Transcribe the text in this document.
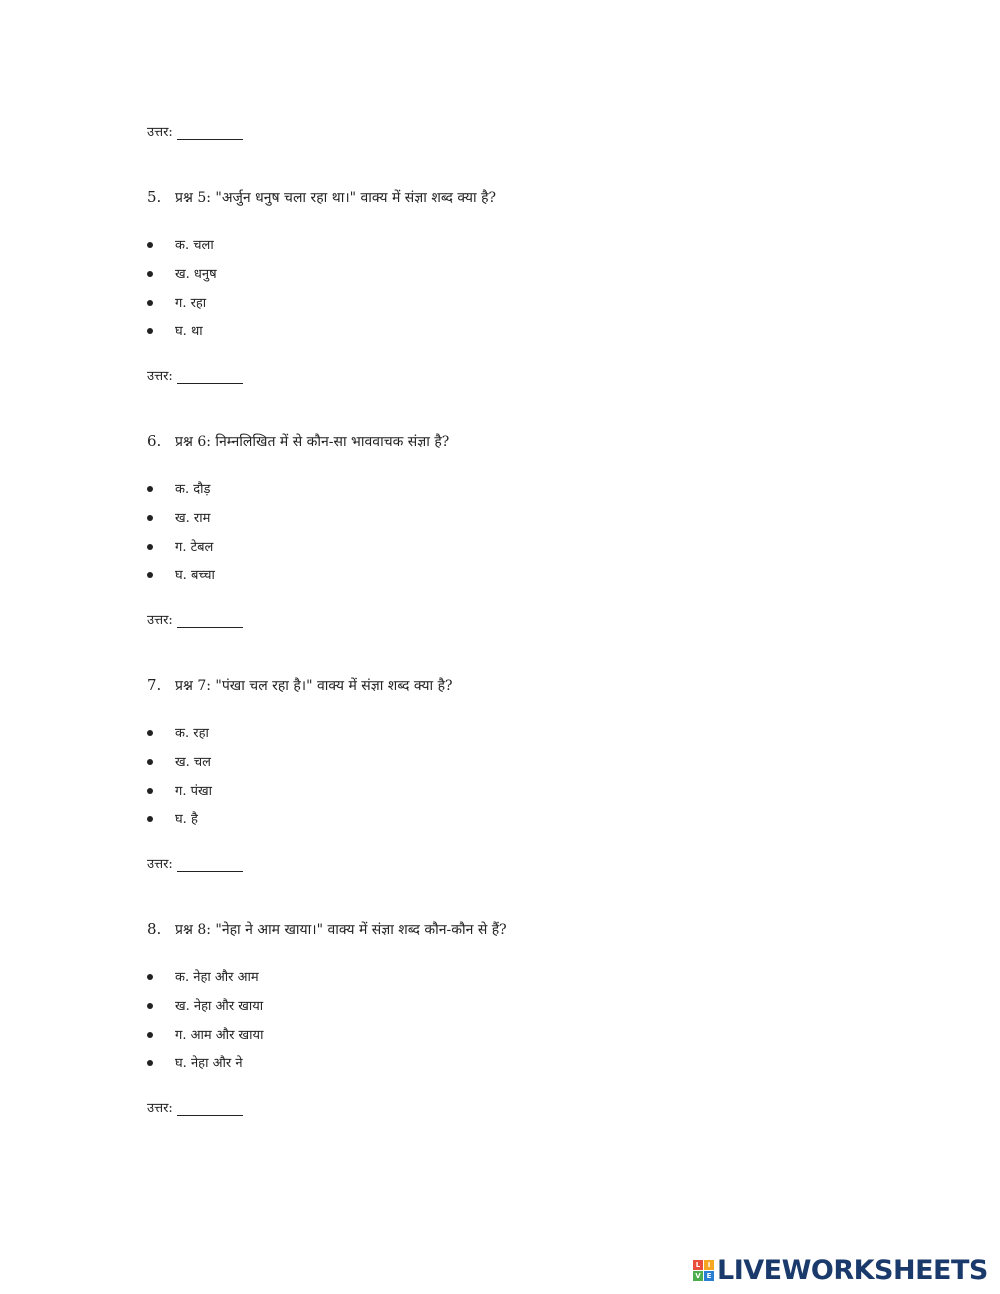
उत्तर:
5. प्रश्न 5: "अर्जुन धनुष चला रहा था।" वाक्य में संज्ञा शब्द क्या है?
क. चला
ख. धनुष
ग. रहा
घ. था
उत्तर:
6. प्रश्न 6: निम्नलिखित में से कौन-सा भाववाचक संज्ञा है?
क. दौड़
ख. राम
ग. टेबल
घ. बच्चा
उत्तर:
7. प्रश्न 7: "पंखा चल रहा है।" वाक्य में संज्ञा शब्द क्या है?
क. रहा
ख. चल
ग. पंखा
घ. है
उत्तर:
8. प्रश्न 8: "नेहा ने आम खाया।" वाक्य में संज्ञा शब्द कौन-कौन से हैं?
क. नेहा और आम
ख. नेहा और खाया
ग. आम और खाया
घ. नेहा और ने
उत्तर:
L	I
V E LIVEWORKSHEETS
